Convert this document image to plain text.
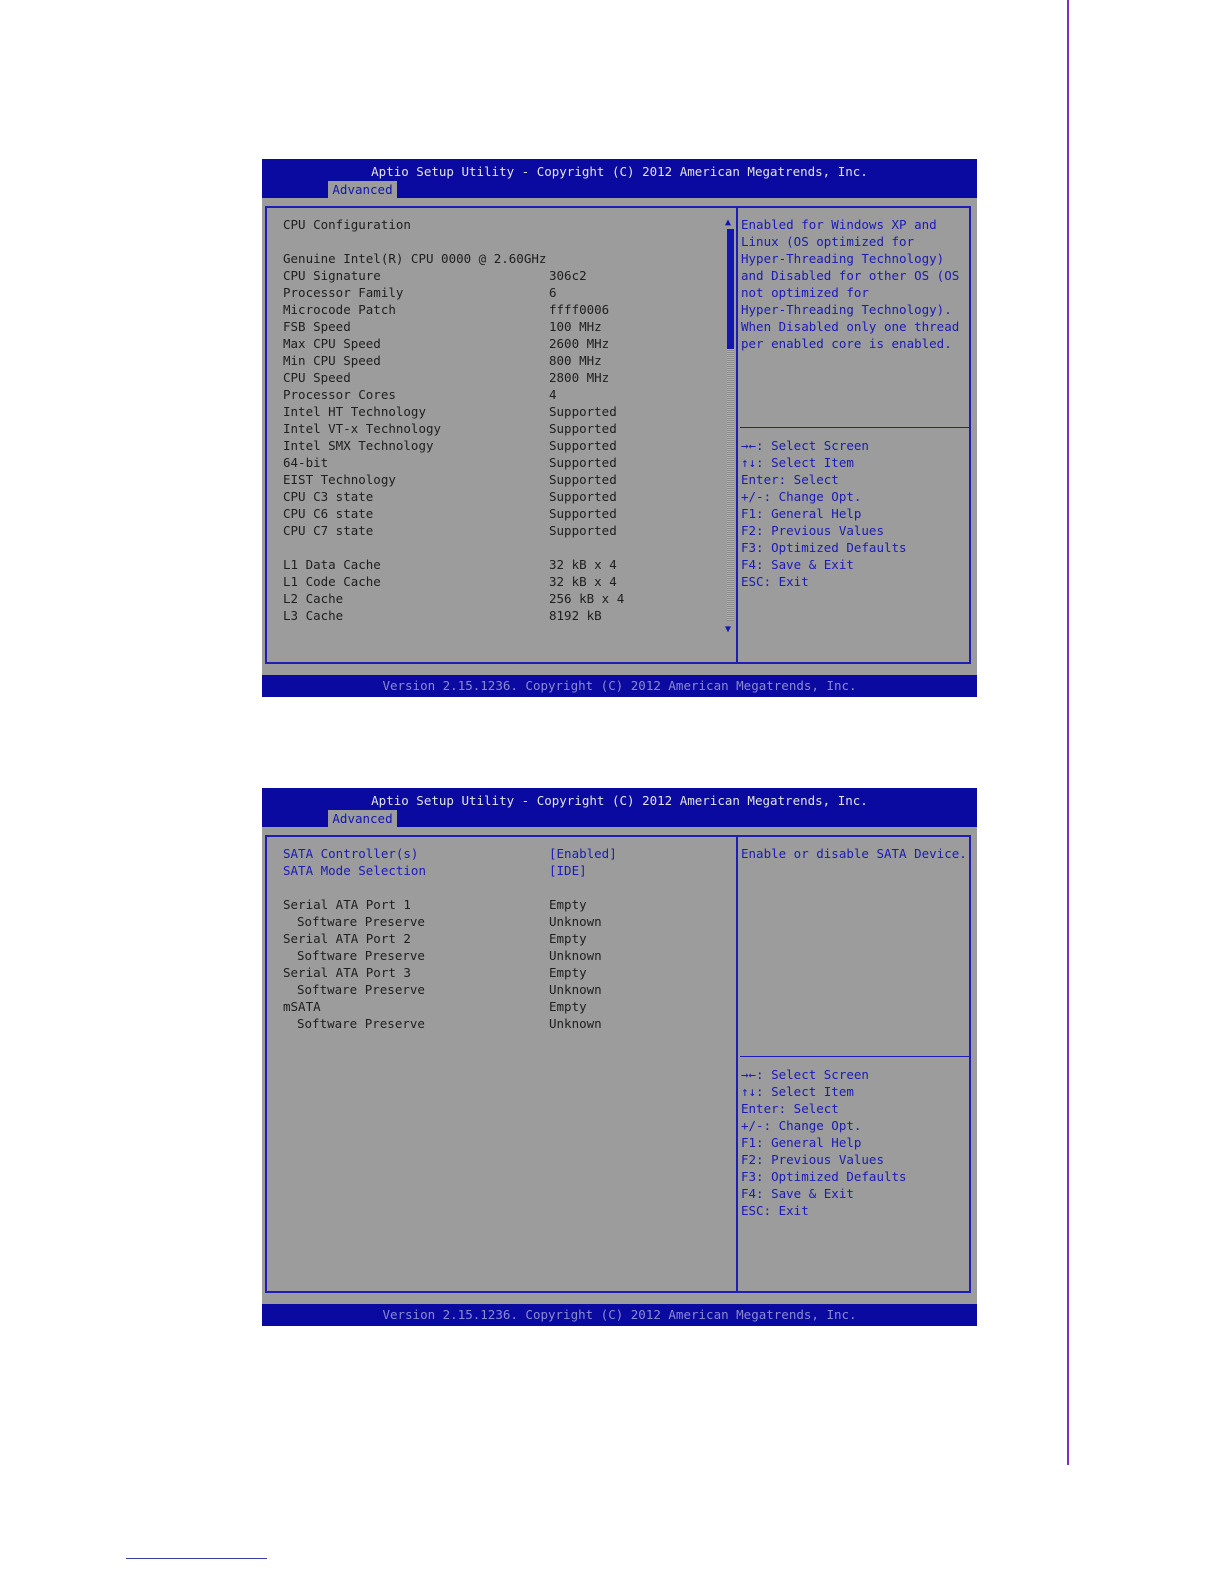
Aptio Setup Utility - Copyright (C) 2012 American Megatrends, Inc.
Advanced
CPU Configuration
Genuine Intel(R) CPU 0000 @ 2.60GHz
CPU Signature	306c2
Processor Family	6
Microcode Patch	ffff0006
FSB Speed	100 MHz
Max CPU Speed	2600 MHz
Min CPU Speed	800 MHz
CPU Speed	2800 MHz
Processor Cores	4
Intel HT Technology	Supported
Intel VT-x Technology	Supported
Intel SMX Technology	Supported
64-bit	Supported
EIST Technology	Supported
CPU C3 state	Supported
CPU C6 state	Supported
CPU C7 state	Supported
L1 Data Cache	32 kB x 4
L1 Code Cache	32 kB x 4
L2 Cache	256 kB x 4
L3 Cache	8192 kB
▲
▼
Enabled for Windows XP and
Linux (OS optimized for
Hyper-Threading Technology)
and Disabled for other OS (OS
not optimized for
Hyper-Threading Technology).
When Disabled only one thread
per enabled core is enabled.
→←: Select Screen
↑↓: Select Item
Enter: Select
+/-: Change Opt.
F1: General Help
F2: Previous Values
F3: Optimized Defaults
F4: Save & Exit
ESC: Exit
Version 2.15.1236. Copyright (C) 2012 American Megatrends, Inc.
Aptio Setup Utility - Copyright (C) 2012 American Megatrends, Inc.
Advanced
SATA Controller(s)	[Enabled]
SATA Mode Selection	[IDE]
Serial ATA Port 1	Empty
Software Preserve	Unknown
Serial ATA Port 2	Empty
Software Preserve	Unknown
Serial ATA Port 3	Empty
Software Preserve	Unknown
mSATA	Empty
Software Preserve	Unknown
Enable or disable SATA Device.
→←: Select Screen
↑↓: Select Item
Enter: Select
+/-: Change Opt.
F1: General Help
F2: Previous Values
F3: Optimized Defaults
F4: Save & Exit
ESC: Exit
Version 2.15.1236. Copyright (C) 2012 American Megatrends, Inc.
